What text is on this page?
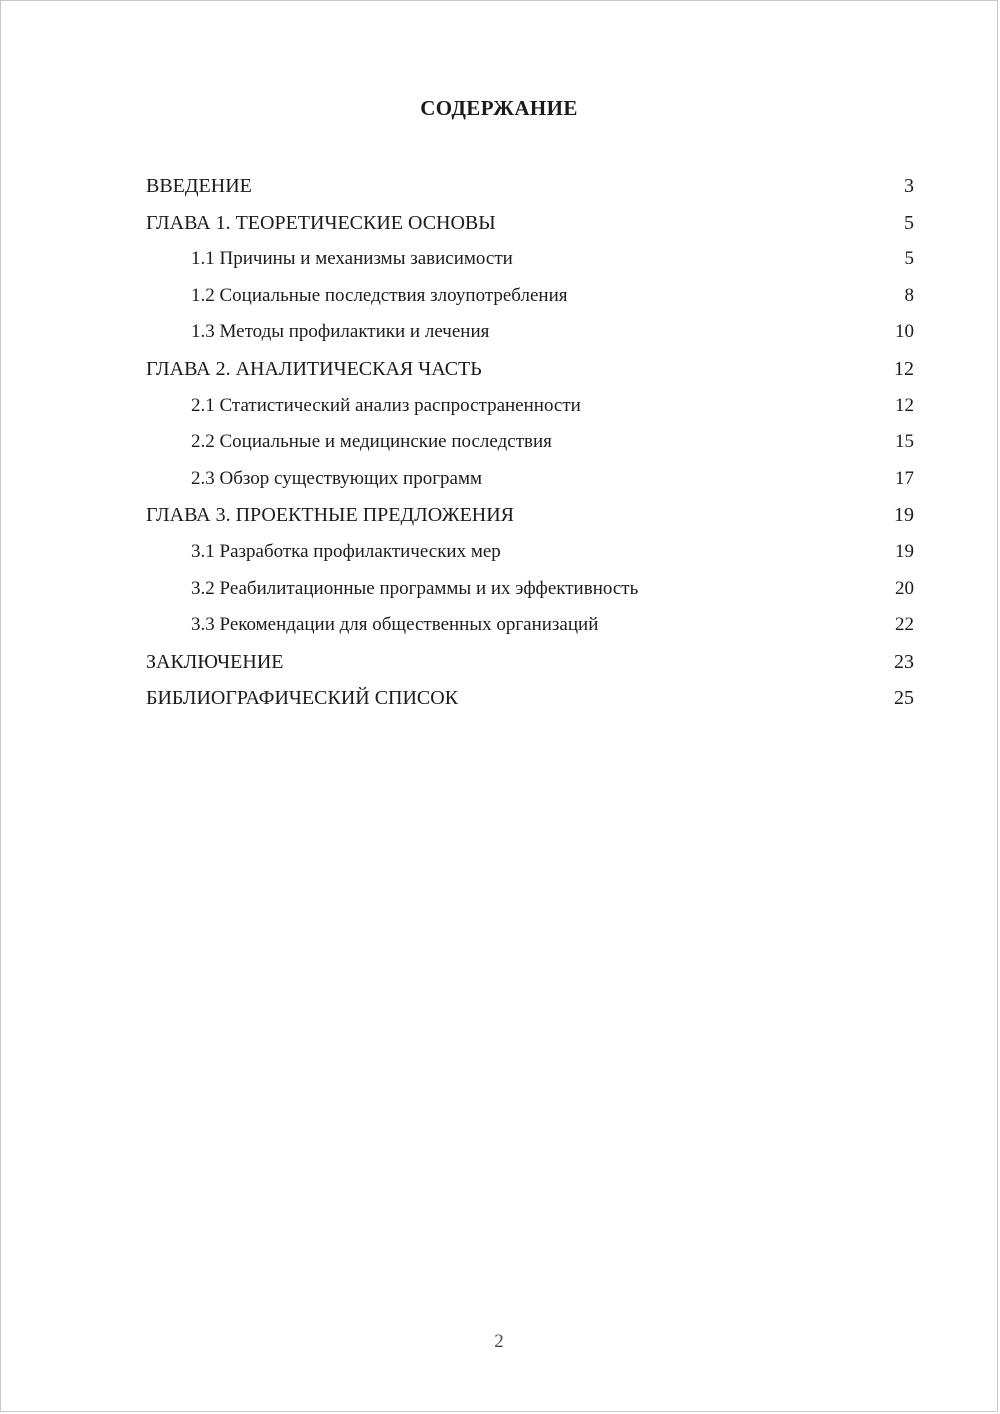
СОДЕРЖАНИЕ
ВВЕДЕНИЕ	3
ГЛАВА 1. ТЕОРЕТИЧЕСКИЕ ОСНОВЫ	5
1.1 Причины и механизмы зависимости	5
1.2 Социальные последствия злоупотребления	8
1.3 Методы профилактики и лечения	10
ГЛАВА 2. АНАЛИТИЧЕСКАЯ ЧАСТЬ	12
2.1 Статистический анализ распространенности	12
2.2 Социальные и медицинские последствия	15
2.3 Обзор существующих программ	17
ГЛАВА 3. ПРОЕКТНЫЕ ПРЕДЛОЖЕНИЯ	19
3.1 Разработка профилактических мер	19
3.2 Реабилитационные программы и их эффективность	20
3.3 Рекомендации для общественных организаций	22
ЗАКЛЮЧЕНИЕ	23
БИБЛИОГРАФИЧЕСКИЙ СПИСОК	25
2
